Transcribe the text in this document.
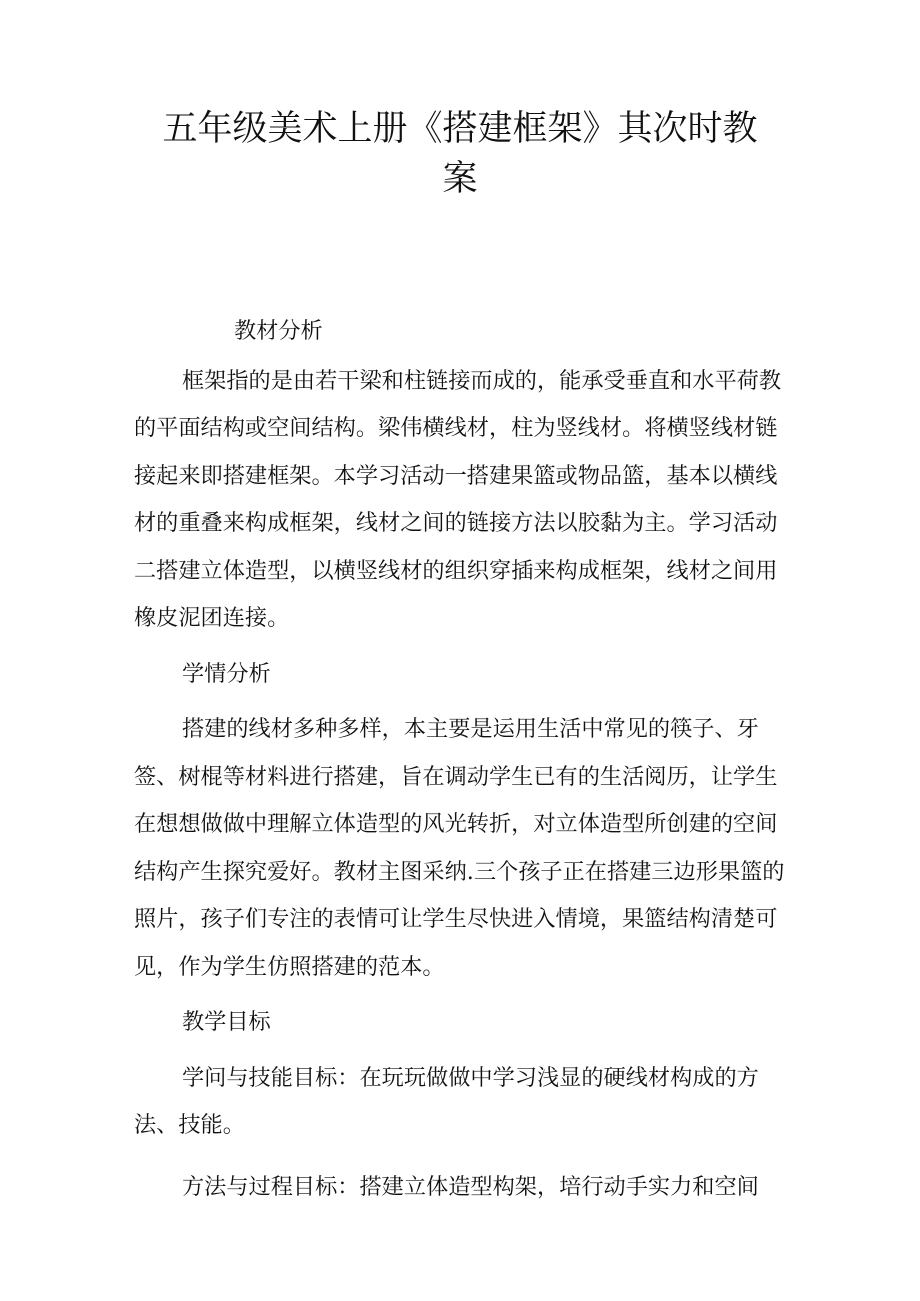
五年级美术上册《搭建框架》其次时教
案

教材分析

框架指的是由若干梁和柱链接而成的，能承受垂直和水平荷教的平面结构或空间结构。梁伟横线材，柱为竖线材。将横竖线材链接起来即搭建框架。本学习活动一搭建果篮或物品篮，基本以横线材的重叠来构成框架，线材之间的链接方法以胶黏为主。学习活动二搭建立体造型，以横竖线材的组织穿插来构成框架，线材之间用橡皮泥团连接。

学情分析

搭建的线材多种多样，本主要是运用生活中常见的筷子、牙签、树棍等材料进行搭建，旨在调动学生已有的生活阅历，让学生在想想做做中理解立体造型的风光转折，对立体造型所创建的空间结构产生探究爱好。教材主图采纳.三个孩子正在搭建三边形果篮的照片，孩子们专注的表情可让学生尽快进入情境，果篮结构清楚可见，作为学生仿照搭建的范本。

教学目标

学问与技能目标：在玩玩做做中学习浅显的硬线材构成的方法、技能。

方法与过程目标：搭建立体造型构架，培行动手实力和空间
